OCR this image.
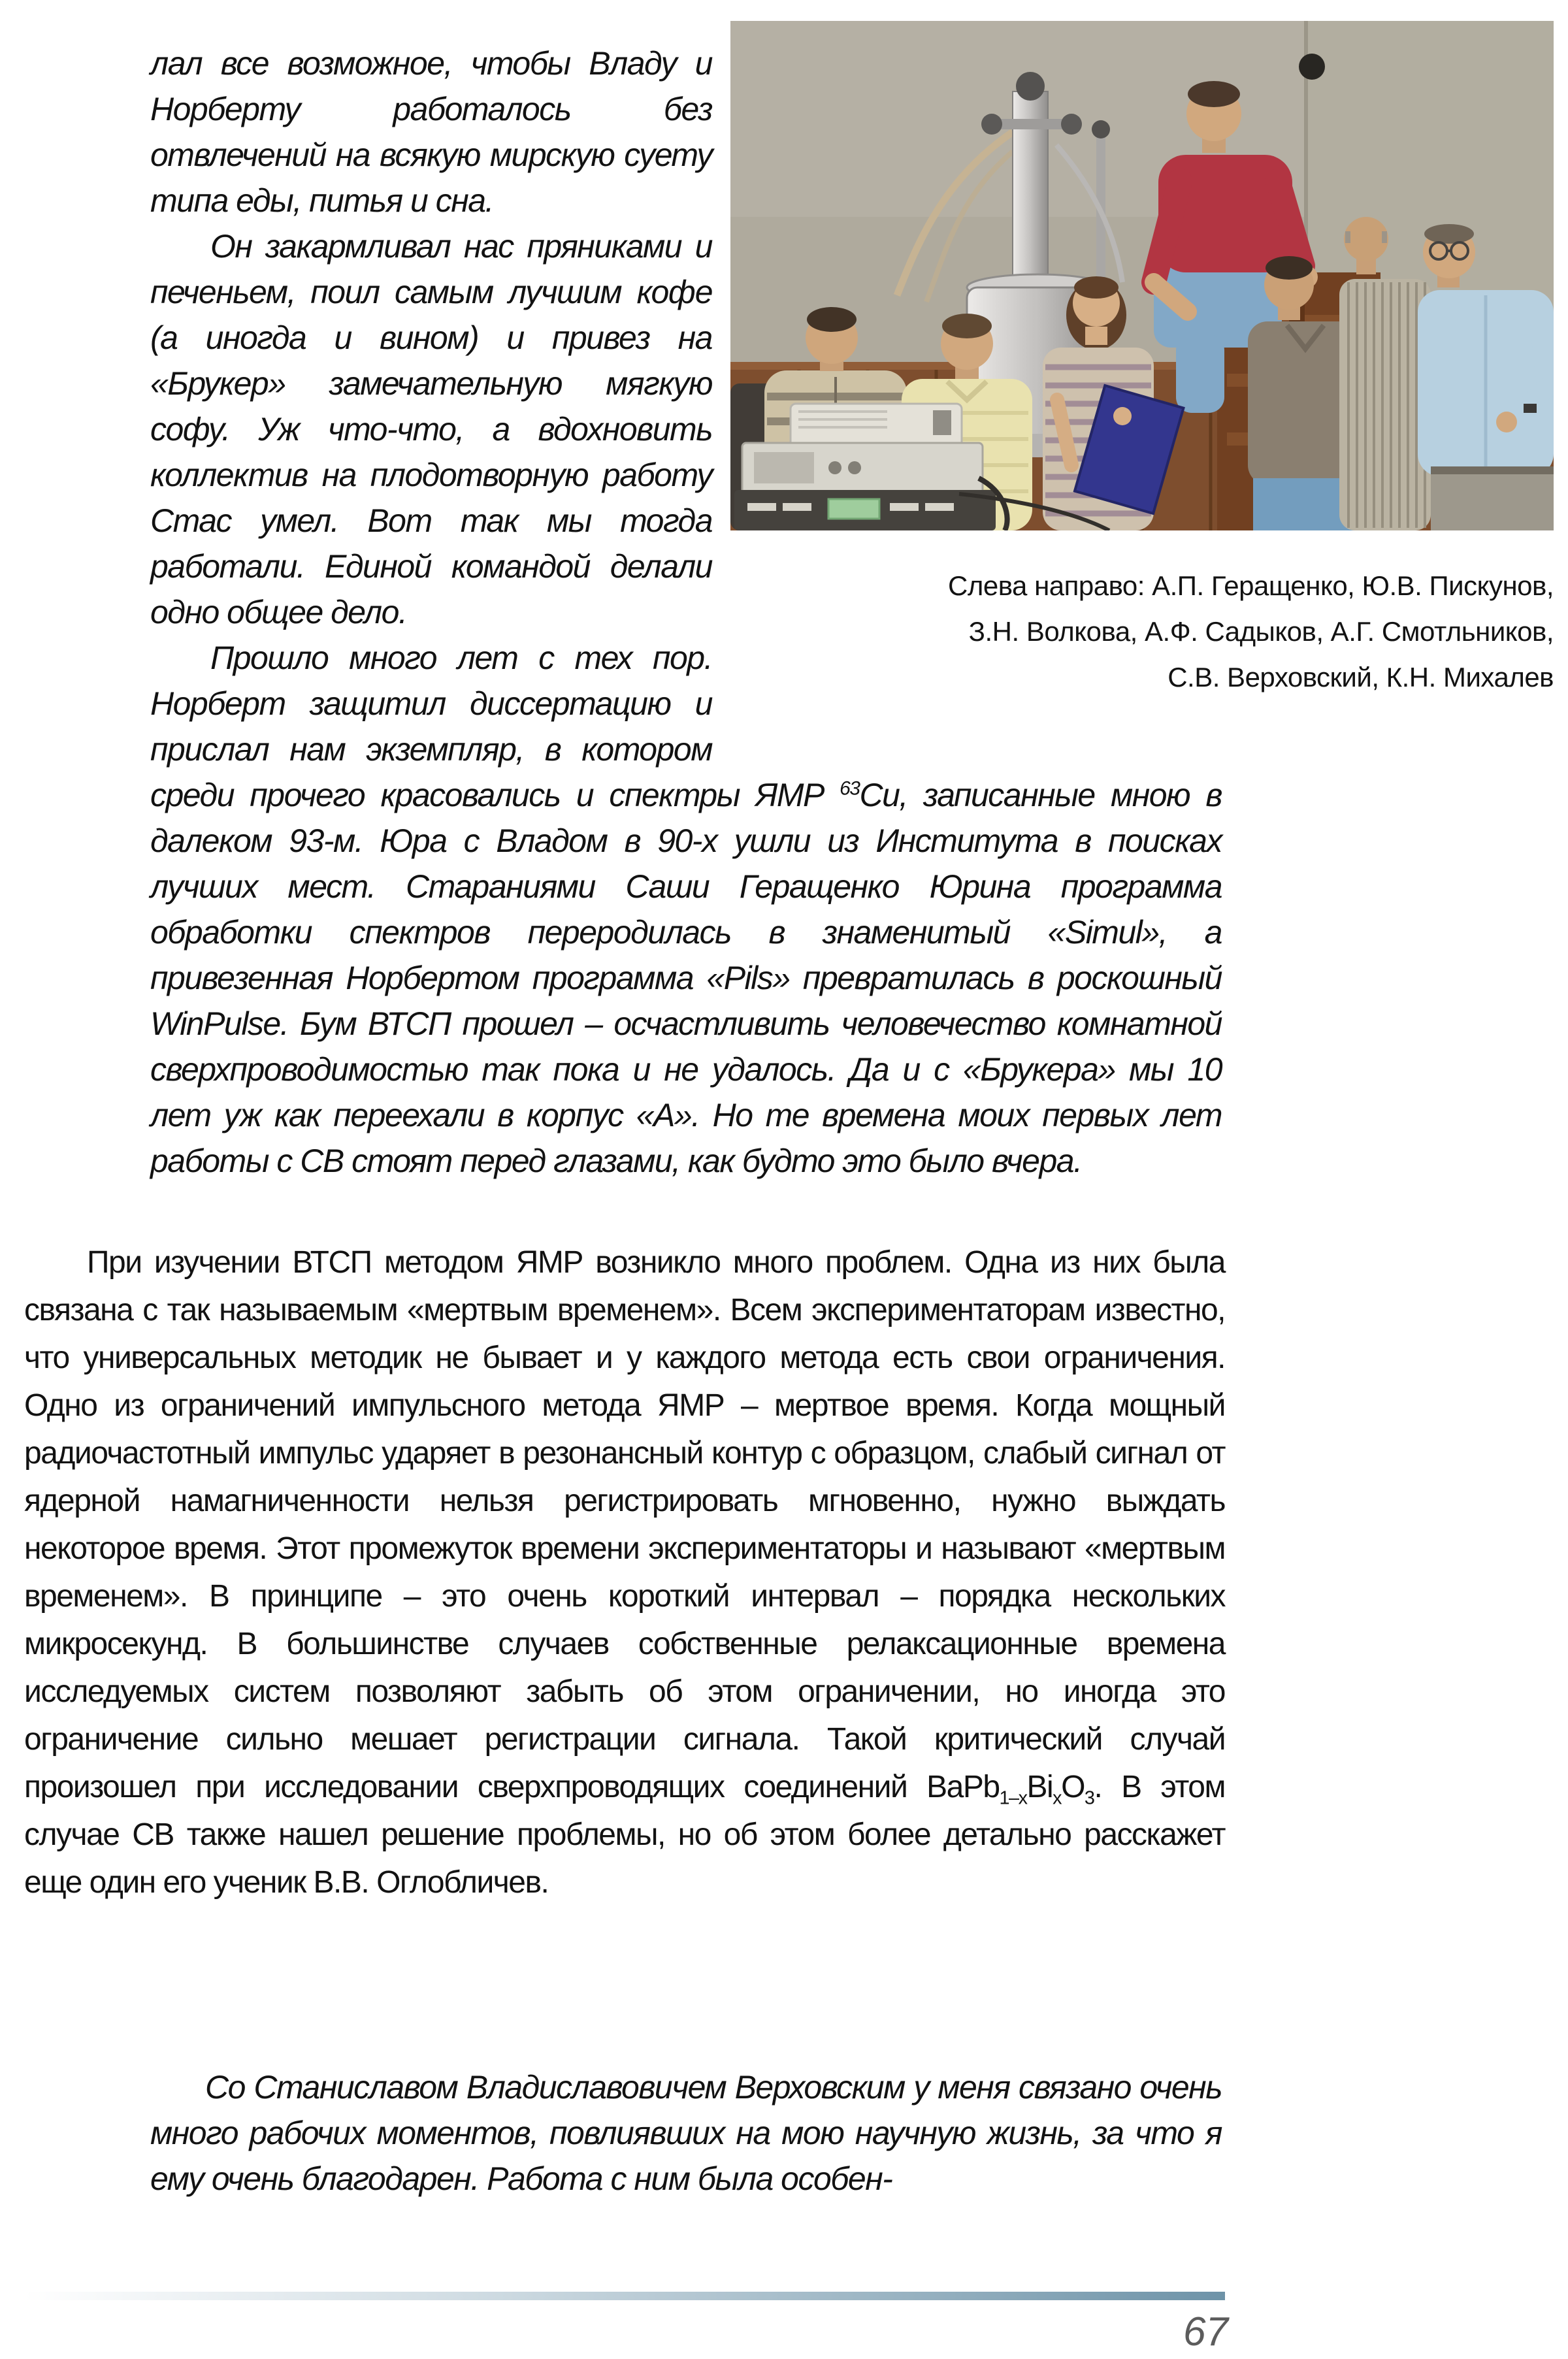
лал все возможное, чтобы Владу и Норберту работалось без отвлечений на всякую мирскую суету типа еды, питья и сна.

Он закармливал нас пряниками и печеньем, поил самым лучшим кофе (а иногда и вином) и привез на «Брукер» замечательную мягкую софу. Уж что-что, а вдохновить коллектив на плодотворную работу Стас умел. Вот так мы тогда работали. Единой командой делали одно общее дело.

Прошло много лет с тех пор. Норберт защитил диссертацию и прислал нам экземпляр, в котором среди прочего красовались и спектры ЯМР $^{63}$Cu, записанные мною в далеком 93-м. Юра с Владом в 90-х ушли из Института в поисках лучших мест. Стараниями Саши Геращенко Юрина программа обработки спектров переродилась в знаменитый «Simul», а привезенная Норбертом программа «Pils» превратилась в роскошный WinPulse. Бум ВТСП прошел – осчастливить человечество комнатной сверхпроводимостью так пока и не удалось. Да и с «Брукера» мы 10 лет уж как переехали в корпус «А». Но те времена моих первых лет работы с СВ стоят перед глазами, как будто это было вчера.

Слева направо: А.П. Геращенко, Ю.В. Пискунов,
З.Н. Волкова, А.Ф. Садыков, А.Г. Смотльников,
С.В. Верховский, К.Н. Михалев

При изучении ВТСП методом ЯМР возникло много проблем. Одна из них была связана с так называемым «мертвым временем». Всем экспериментаторам известно, что универсальных методик не бывает и у каждого метода есть свои ограничения. Одно из ограничений импульсного метода ЯМР – мертвое время. Когда мощный радиочастотный импульс ударяет в резонансный контур с образцом, слабый сигнал от ядерной намагниченности нельзя регистрировать мгновенно, нужно выждать некоторое время. Этот промежуток времени экспериментаторы и называют «мертвым временем». В принципе – это очень короткий интервал – порядка нескольких микросекунд. В большинстве случаев собственные релаксационные времена исследуемых систем позволяют забыть об этом ограничении, но иногда это ограничение сильно мешает регистрации сигнала. Такой критический случай произошел при исследовании сверхпроводящих соединений $BaPb_{1-x}Bi_xO_3$. В этом случае СВ также нашел решение проблемы, но об этом более детально расскажет еще один его ученик В.В. Оглобличев.

Со Станиславом Владиславовичем Верховским у меня связано очень много рабочих моментов, повлиявших на мою научную жизнь, за что я ему очень благодарен. Работа с ним была особен-

67
